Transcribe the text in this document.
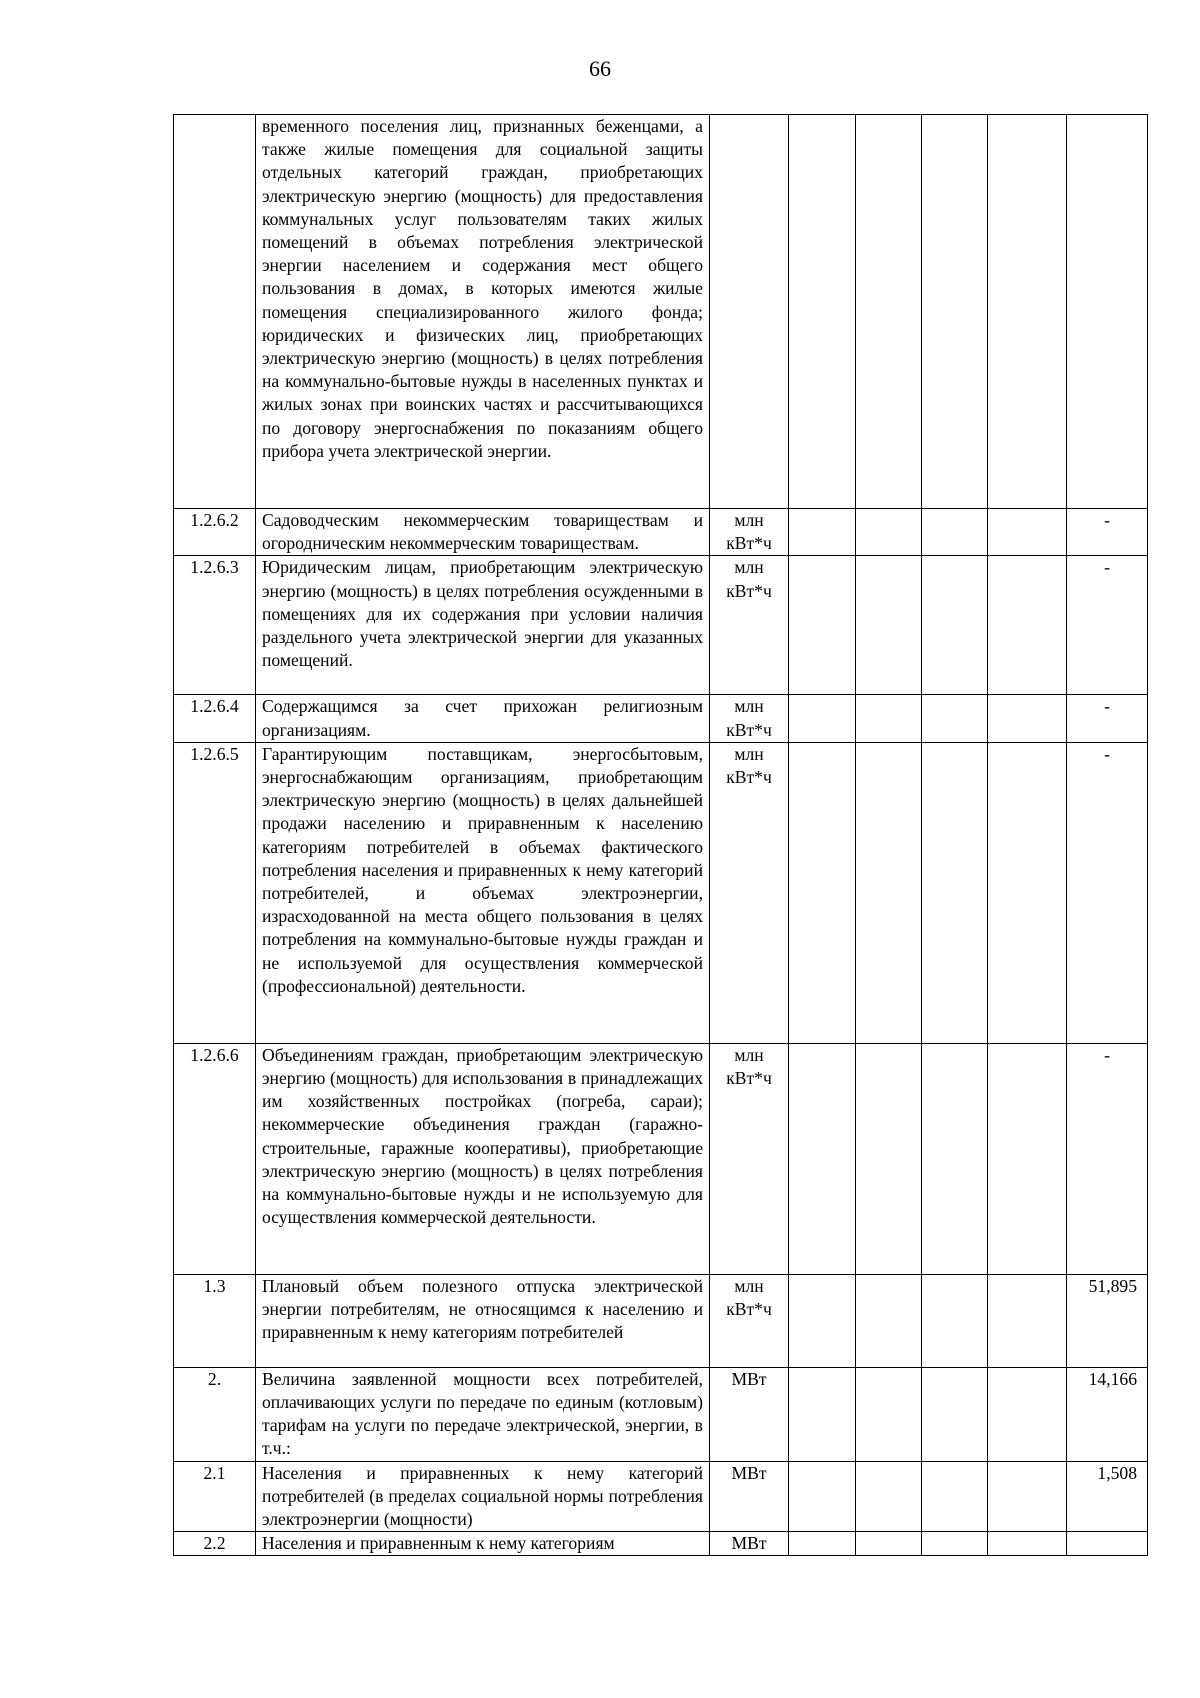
66
	временного поселения лиц, признанных беженцами, а также жилые помещения для социальной защиты отдельных категорий граждан, приобретающих электрическую энергию (мощность) для предоставления коммунальных услуг пользователям таких жилых помещений в объемах потребления электрической энергии населением и содержания мест общего пользования в домах, в которых имеются жилые помещения специализированного жилого фонда; юридических и физических лиц, приобретающих электрическую энергию (мощность) в целях потребления на коммунально-бытовые нужды в населенных пунктах и жилых зонах при воинских частях и рассчитывающихся по договору энергоснабжения по показаниям общего прибора учета электрической энергии.						
1.2.6.2	Садоводческим некоммерческим товариществам и огородническим некоммерческим товариществам.	млн кВт*ч					-
1.2.6.3	Юридическим лицам, приобретающим электрическую энергию (мощность) в целях потребления осужденными в помещениях для их содержания при условии наличия раздельного учета электрической энергии для указанных помещений.	млн кВт*ч					-
1.2.6.4	Содержащимся за счет прихожан религиозным организациям.	млн кВт*ч					-
1.2.6.5	Гарантирующим поставщикам, энергосбытовым, энергоснабжающим организациям, приобретающим электрическую энергию (мощность) в целях дальнейшей продажи населению и приравненным к населению категориям потребителей в объемах фактического потребления населения и приравненных к нему категорий потребителей, и объемах электроэнергии, израсходованной на места общего пользования в целях потребления на коммунально-бытовые нужды граждан и не используемой для осуществления коммерческой (профессиональной) деятельности.	млн кВт*ч					-
1.2.6.6	Объединениям граждан, приобретающим электрическую энергию (мощность) для использования в принадлежащих им хозяйственных постройках (погреба, сараи); некоммерческие объединения граждан (гаражно-строительные, гаражные кооперативы), приобретающие электрическую энергию (мощность) в целях потребления на коммунально-бытовые нужды и не используемую для осуществления коммерческой деятельности.	млн кВт*ч					-
1.3	Плановый объем полезного отпуска электрической энергии потребителям, не относящимся к населению и приравненным к нему категориям потребителей	млн кВт*ч					51,895
2.	Величина заявленной мощности всех потребителей, оплачивающих услуги по передаче по единым (котловым) тарифам на услуги по передаче электрической, энергии, в т.ч.:	МВт					14,166
2.1	Населения и приравненных к нему категорий потребителей (в пределах социальной нормы потребления электроэнергии (мощности)	МВт					1,508
2.2	Населения и приравненным к нему категориям	МВт					
